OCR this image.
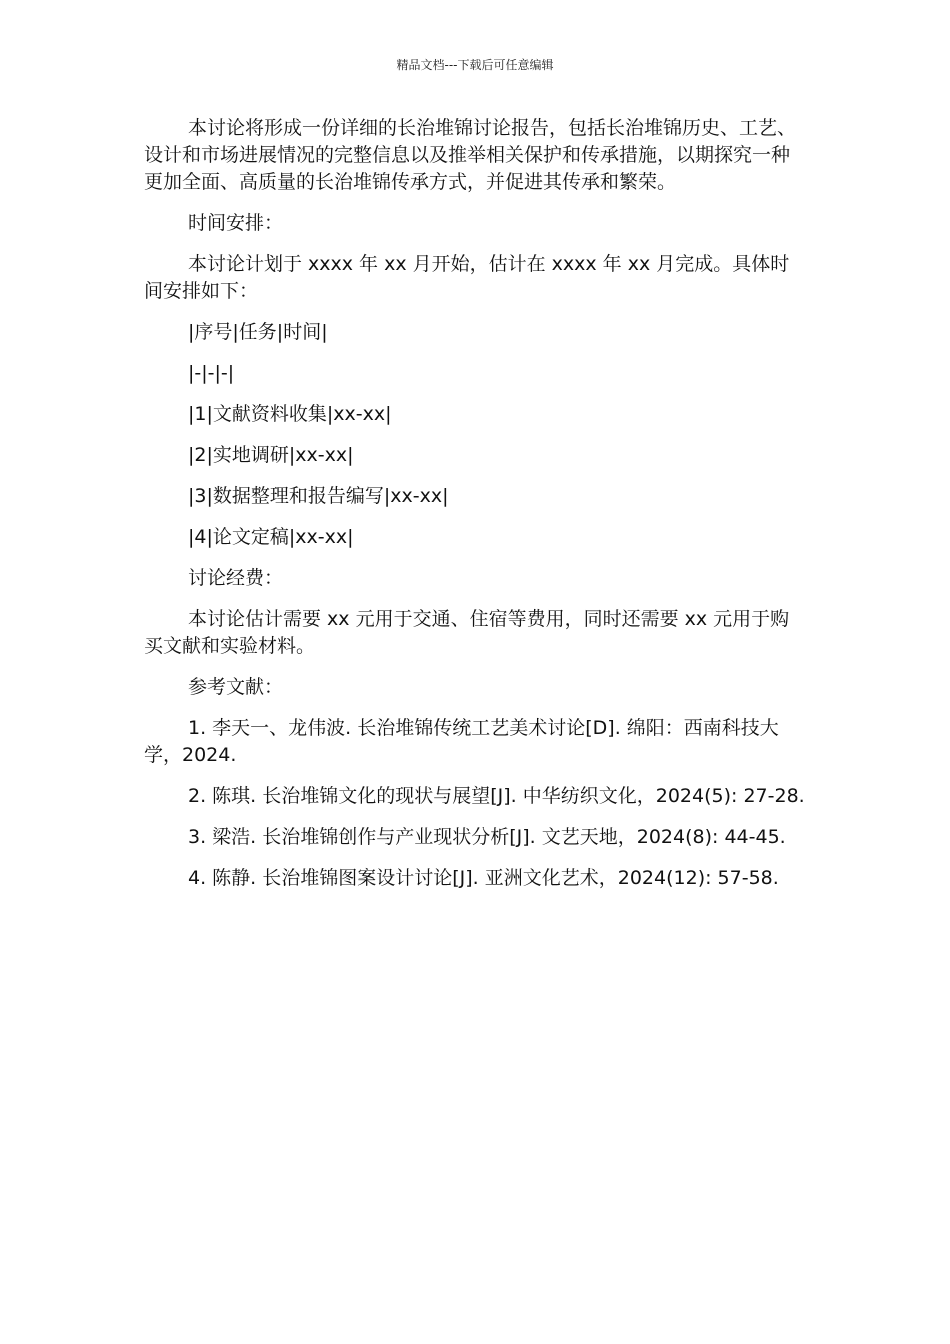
精品文档---下载后可任意编辑

本讨论将形成一份详细的长治堆锦讨论报告，包括长治堆锦历史、工艺、设计和市场进展情况的完整信息以及推举相关保护和传承措施，以期探究一种更加全面、高质量的长治堆锦传承方式，并促进其传承和繁荣。

时间安排：

本讨论计划于 xxxx 年 xx 月开始，估计在 xxxx 年 xx 月完成。具体时间安排如下：

|序号|任务|时间|

|-|-|-|

|1|文献资料收集|xx-xx|

|2|实地调研|xx-xx|

|3|数据整理和报告编写|xx-xx|

|4|论文定稿|xx-xx|

讨论经费：

本讨论估计需要 xx 元用于交通、住宿等费用，同时还需要 xx 元用于购买文献和实验材料。

参考文献：

1. 李天一、龙伟波. 长治堆锦传统工艺美术讨论[D]. 绵阳：西南科技大学，2024.

2. 陈琪. 长治堆锦文化的现状与展望[J]. 中华纺织文化，2024(5): 27-28.

3. 梁浩. 长治堆锦创作与产业现状分析[J]. 文艺天地，2024(8): 44-45.

4. 陈静. 长治堆锦图案设计讨论[J]. 亚洲文化艺术，2024(12): 57-58.
